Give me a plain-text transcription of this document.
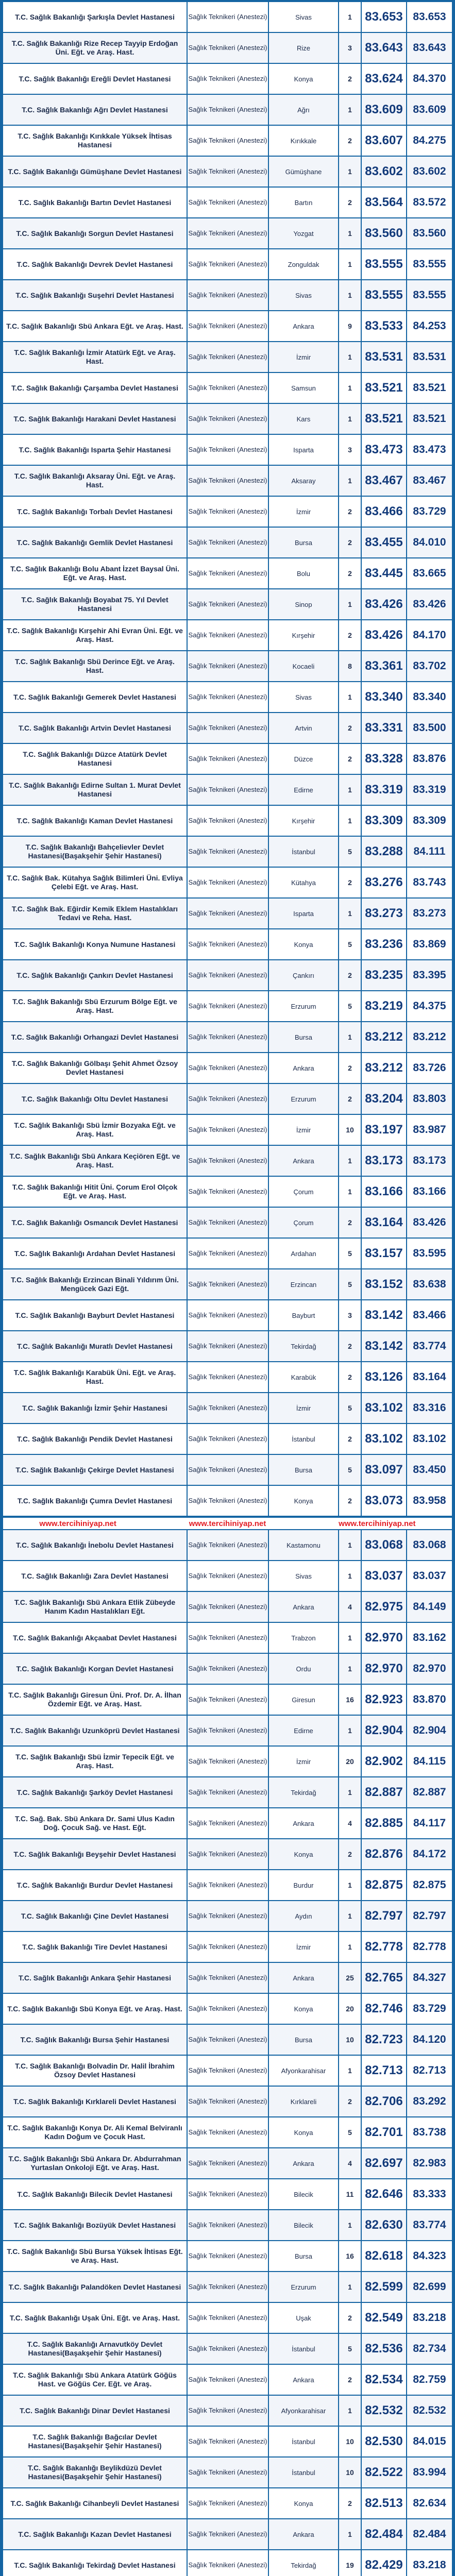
T.C. Sağlık Bakanlığı Şarkışla Devlet Hastanesi	Sağlık Teknikeri (Anestezi)	Sivas	1	83.653 83.653
T.C. Sağlık Bakanlığı Rize Recep Tayyip Erdoğan Üni. Eğt. ve Araş. Hast.
Sağlık Teknikeri (Anestezi)	Rize	3	83.643 83.643
T.C. Sağlık Bakanlığı Ereğli Devlet Hastanesi	Sağlık Teknikeri (Anestezi)	Konya	2	83.624 84.370
T.C. Sağlık Bakanlığı Ağrı Devlet Hastanesi	Sağlık Teknikeri (Anestezi)	Ağrı	1	83.609 83.609
T.C. Sağlık Bakanlığı Kırıkkale Yüksek İhtisas Hastanesi
Sağlık Teknikeri (Anestezi)	Kırıkkale	2	83.607 84.275
T.C. Sağlık Bakanlığı Gümüşhane Devlet Hastanesi	Sağlık Teknikeri (Anestezi)	Gümüşhane	1	83.602 83.602
T.C. Sağlık Bakanlığı Bartın Devlet Hastanesi	Sağlık Teknikeri (Anestezi)	Bartın	2	83.564 83.572
T.C. Sağlık Bakanlığı Sorgun Devlet Hastanesi	Sağlık Teknikeri (Anestezi)	Yozgat	1	83.560 83.560
T.C. Sağlık Bakanlığı Devrek Devlet Hastanesi	Sağlık Teknikeri (Anestezi)	Zonguldak	1	83.555 83.555
T.C. Sağlık Bakanlığı Suşehri Devlet Hastanesi	Sağlık Teknikeri (Anestezi)	Sivas	1	83.555 83.555
T.C. Sağlık Bakanlığı Sbü Ankara Eğt. ve Araş. Hast. Sağlık Teknikeri (Anestezi)	Ankara	9	83.533 84.253
T.C. Sağlık Bakanlığı İzmir Atatürk Eğt. ve Araş. Hast.
Sağlık Teknikeri (Anestezi)	İzmir	1	83.531 83.531
T.C. Sağlık Bakanlığı Çarşamba Devlet Hastanesi	Sağlık Teknikeri (Anestezi)	Samsun	1	83.521 83.521
T.C. Sağlık Bakanlığı Harakani Devlet Hastanesi	Sağlık Teknikeri (Anestezi)	Kars	1	83.521 83.521
T.C. Sağlık Bakanlığı Isparta Şehir Hastanesi	Sağlık Teknikeri (Anestezi)	Isparta	3	83.473 83.473
T.C. Sağlık Bakanlığı Aksaray Üni. Eğt. ve Araş. Hast.
Sağlık Teknikeri (Anestezi)	Aksaray	1	83.467 83.467
T.C. Sağlık Bakanlığı Torbalı Devlet Hastanesi	Sağlık Teknikeri (Anestezi)	İzmir	2	83.466 83.729
T.C. Sağlık Bakanlığı Gemlik Devlet Hastanesi	Sağlık Teknikeri (Anestezi)	Bursa	2	83.455 84.010
T.C. Sağlık Bakanlığı Bolu Abant İzzet Baysal Üni. Eğt. ve Araş. Hast.
Sağlık Teknikeri (Anestezi)	Bolu	2	83.445 83.665
T.C. Sağlık Bakanlığı Boyabat 75. Yıl Devlet Hastanesi
Sağlık Teknikeri (Anestezi)	Sinop	1	83.426 83.426
T.C. Sağlık Bakanlığı Kırşehir Ahi Evran Üni. Eğt. ve Araş. Hast.
Sağlık Teknikeri (Anestezi)	Kırşehir	2	83.426 84.170
T.C. Sağlık Bakanlığı Sbü Derince Eğt. ve Araş. Hast.
Sağlık Teknikeri (Anestezi)	Kocaeli	8	83.361 83.702
T.C. Sağlık Bakanlığı Gemerek Devlet Hastanesi	Sağlık Teknikeri (Anestezi)	Sivas	1	83.340 83.340
T.C. Sağlık Bakanlığı Artvin Devlet Hastanesi	Sağlık Teknikeri (Anestezi)	Artvin	2	83.331 83.500
T.C. Sağlık Bakanlığı Düzce Atatürk Devlet Hastanesi
Sağlık Teknikeri (Anestezi)	Düzce	2	83.328 83.876
T.C. Sağlık Bakanlığı Edirne Sultan 1. Murat Devlet Hastanesi
Sağlık Teknikeri (Anestezi)	Edirne	1	83.319 83.319
T.C. Sağlık Bakanlığı Kaman Devlet Hastanesi	Sağlık Teknikeri (Anestezi)	Kırşehir	1	83.309 83.309
T.C. Sağlık Bakanlığı Bahçelievler Devlet Hastanesi(Başakşehir Şehir Hastanesi)
Sağlık Teknikeri (Anestezi)	İstanbul	5	83.288 84.111
T.C. Sağlık Bak. Kütahya Sağlık Bilimleri Üni. Evliya Çelebi Eğt. ve Araş. Hast.
Sağlık Teknikeri (Anestezi)	Kütahya	2	83.276 83.743
T.C. Sağlık Bak. Eğirdir Kemik Eklem Hastalıkları Tedavi ve Reha. Hast.
Sağlık Teknikeri (Anestezi)	Isparta	1	83.273 83.273
T.C. Sağlık Bakanlığı Konya Numune Hastanesi	Sağlık Teknikeri (Anestezi)	Konya	5	83.236 83.869
T.C. Sağlık Bakanlığı Çankırı Devlet Hastanesi	Sağlık Teknikeri (Anestezi)	Çankırı	2	83.235 83.395
T.C. Sağlık Bakanlığı Sbü Erzurum Bölge Eğt. ve Araş. Hast.
Sağlık Teknikeri (Anestezi)	Erzurum	5	83.219 84.375
T.C. Sağlık Bakanlığı Orhangazi Devlet Hastanesi	Sağlık Teknikeri (Anestezi)	Bursa	1	83.212 83.212
T.C. Sağlık Bakanlığı Gölbaşı Şehit Ahmet Özsoy Devlet Hastanesi
Sağlık Teknikeri (Anestezi)	Ankara	2	83.212 83.726
T.C. Sağlık Bakanlığı Oltu Devlet Hastanesi	Sağlık Teknikeri (Anestezi)	Erzurum	2	83.204 83.803
T.C. Sağlık Bakanlığı Sbü İzmir Bozyaka Eğt. ve Araş. Hast.
Sağlık Teknikeri (Anestezi)	İzmir	10 83.197 83.987
T.C. Sağlık Bakanlığı Sbü Ankara Keçiören Eğt. ve Araş. Hast.
Sağlık Teknikeri (Anestezi)	Ankara	1	83.173 83.173
T.C. Sağlık Bakanlığı Hitit Üni. Çorum Erol Olçok Eğt. ve Araş. Hast.
Sağlık Teknikeri (Anestezi)	Çorum	1	83.166 83.166
T.C. Sağlık Bakanlığı Osmancık Devlet Hastanesi	Sağlık Teknikeri (Anestezi)	Çorum	2	83.164 83.426
T.C. Sağlık Bakanlığı Ardahan Devlet Hastanesi	Sağlık Teknikeri (Anestezi)	Ardahan	5	83.157 83.595
T.C. Sağlık Bakanlığı Erzincan Binali Yıldırım Üni. Mengücek Gazi Eğt.
Sağlık Teknikeri (Anestezi)	Erzincan	5	83.152 83.638
T.C. Sağlık Bakanlığı Bayburt Devlet Hastanesi	Sağlık Teknikeri (Anestezi)	Bayburt	3	83.142 83.466
T.C. Sağlık Bakanlığı Muratlı Devlet Hastanesi	Sağlık Teknikeri (Anestezi)	Tekirdağ	2	83.142 83.774
T.C. Sağlık Bakanlığı Karabük Üni. Eğt. ve Araş. Hast.
Sağlık Teknikeri (Anestezi)	Karabük	2	83.126 83.164
T.C. Sağlık Bakanlığı İzmir Şehir Hastanesi	Sağlık Teknikeri (Anestezi)	İzmir	5	83.102 83.316
T.C. Sağlık Bakanlığı Pendik Devlet Hastanesi	Sağlık Teknikeri (Anestezi)	İstanbul	2	83.102 83.102
T.C. Sağlık Bakanlığı Çekirge Devlet Hastanesi	Sağlık Teknikeri (Anestezi)	Bursa	5	83.097 83.450
T.C. Sağlık Bakanlığı Çumra Devlet Hastanesi	Sağlık Teknikeri (Anestezi)	Konya	2	83.073 83.958
www.tercihiniyap.net	www.tercihiniyap.net	www.tercihiniyap.net
T.C. Sağlık Bakanlığı İnebolu Devlet Hastanesi	Sağlık Teknikeri (Anestezi)	Kastamonu	1	83.068 83.068
T.C. Sağlık Bakanlığı Zara Devlet Hastanesi	Sağlık Teknikeri (Anestezi)	Sivas	1	83.037 83.037
T.C. Sağlık Bakanlığı Sbü Ankara Etlik Zübeyde Hanım Kadın Hastalıkları Eğt.
Sağlık Teknikeri (Anestezi)	Ankara	4	82.975 84.149
T.C. Sağlık Bakanlığı Akçaabat Devlet Hastanesi	Sağlık Teknikeri (Anestezi)	Trabzon	1	82.970 83.162
T.C. Sağlık Bakanlığı Korgan Devlet Hastanesi	Sağlık Teknikeri (Anestezi)	Ordu	1	82.970 82.970
T.C. Sağlık Bakanlığı Giresun Üni. Prof. Dr. A. İlhan Özdemir Eğt. ve Araş. Hast.
Sağlık Teknikeri (Anestezi)	Giresun	16 82.923 83.870
T.C. Sağlık Bakanlığı Uzunköprü Devlet Hastanesi	Sağlık Teknikeri (Anestezi)	Edirne	1	82.904 82.904
T.C. Sağlık Bakanlığı Sbü İzmir Tepecik Eğt. ve Araş. Hast.
Sağlık Teknikeri (Anestezi)	İzmir	20 82.902 84.115
T.C. Sağlık Bakanlığı Şarköy Devlet Hastanesi	Sağlık Teknikeri (Anestezi)	Tekirdağ	1	82.887 82.887
T.C. Sağ. Bak. Sbü Ankara Dr. Sami Ulus Kadın Doğ. Çocuk Sağ. ve Hast. Eğt.
Sağlık Teknikeri (Anestezi)	Ankara	4	82.885 84.117
T.C. Sağlık Bakanlığı Beyşehir Devlet Hastanesi	Sağlık Teknikeri (Anestezi)	Konya	2	82.876 84.172
T.C. Sağlık Bakanlığı Burdur Devlet Hastanesi	Sağlık Teknikeri (Anestezi)	Burdur	1	82.875 82.875
T.C. Sağlık Bakanlığı Çine Devlet Hastanesi	Sağlık Teknikeri (Anestezi)	Aydın	1	82.797 82.797
T.C. Sağlık Bakanlığı Tire Devlet Hastanesi	Sağlık Teknikeri (Anestezi)	İzmir	1	82.778 82.778
T.C. Sağlık Bakanlığı Ankara Şehir Hastanesi	Sağlık Teknikeri (Anestezi)	Ankara	25 82.765 84.327
T.C. Sağlık Bakanlığı Sbü Konya Eğt. ve Araş. Hast. Sağlık Teknikeri (Anestezi)	Konya	20 82.746 83.729
T.C. Sağlık Bakanlığı Bursa Şehir Hastanesi	Sağlık Teknikeri (Anestezi)	Bursa	10 82.723 84.120
T.C. Sağlık Bakanlığı Bolvadin Dr. Halil İbrahim Özsoy Devlet Hastanesi
Sağlık Teknikeri (Anestezi)	Afyonkarahisar	1	82.713 82.713
T.C. Sağlık Bakanlığı Kırklareli Devlet Hastanesi	Sağlık Teknikeri (Anestezi)	Kırklareli	2	82.706 83.292
T.C. Sağlık Bakanlığı Konya Dr. Ali Kemal Belviranlı Kadın Doğum ve Çocuk Hast.
Sağlık Teknikeri (Anestezi)	Konya	5	82.701 83.738
T.C. Sağlık Bakanlığı Sbü Ankara Dr. Abdurrahman Yurtaslan Onkoloji Eğt. ve Araş. Hast.
Sağlık Teknikeri (Anestezi)	Ankara	4	82.697 82.983
T.C. Sağlık Bakanlığı Bilecik Devlet Hastanesi	Sağlık Teknikeri (Anestezi)	Bilecik	11 82.646 83.333
T.C. Sağlık Bakanlığı Bozüyük Devlet Hastanesi	Sağlık Teknikeri (Anestezi)	Bilecik	1	82.630 83.774
T.C. Sağlık Bakanlığı Sbü Bursa Yüksek İhtisas Eğt. ve Araş. Hast.
Sağlık Teknikeri (Anestezi)	Bursa	16 82.618 84.323
T.C. Sağlık Bakanlığı Palandöken Devlet Hastanesi	Sağlık Teknikeri (Anestezi)	Erzurum	1	82.599 82.699
T.C. Sağlık Bakanlığı Uşak Üni. Eğt. ve Araş. Hast.	Sağlık Teknikeri (Anestezi)	Uşak	2	82.549 83.218
T.C. Sağlık Bakanlığı Arnavutköy Devlet Hastanesi(Başakşehir Şehir Hastanesi)
Sağlık Teknikeri (Anestezi)	İstanbul	5	82.536 82.734
T.C. Sağlık Bakanlığı Sbü Ankara Atatürk Göğüs Hast. ve Göğüs Cer. Eğt. ve Araş.
Sağlık Teknikeri (Anestezi)	Ankara	2	82.534 82.759
T.C. Sağlık Bakanlığı Dinar Devlet Hastanesi	Sağlık Teknikeri (Anestezi)	Afyonkarahisar	1	82.532 82.532
T.C. Sağlık Bakanlığı Bağcılar Devlet Hastanesi(Başakşehir Şehir Hastanesi)
Sağlık Teknikeri (Anestezi)	İstanbul	10 82.530 84.015
T.C. Sağlık Bakanlığı Beylikdüzü Devlet Hastanesi(Başakşehir Şehir Hastanesi)
Sağlık Teknikeri (Anestezi)	İstanbul	10 82.522 83.994
T.C. Sağlık Bakanlığı Cihanbeyli Devlet Hastanesi	Sağlık Teknikeri (Anestezi)	Konya	2	82.513 82.634
T.C. Sağlık Bakanlığı Kazan Devlet Hastanesi	Sağlık Teknikeri (Anestezi)	Ankara	1	82.484 82.484
T.C. Sağlık Bakanlığı Tekirdağ Devlet Hastanesi	Sağlık Teknikeri (Anestezi)	Tekirdağ	19 82.429 83.218
